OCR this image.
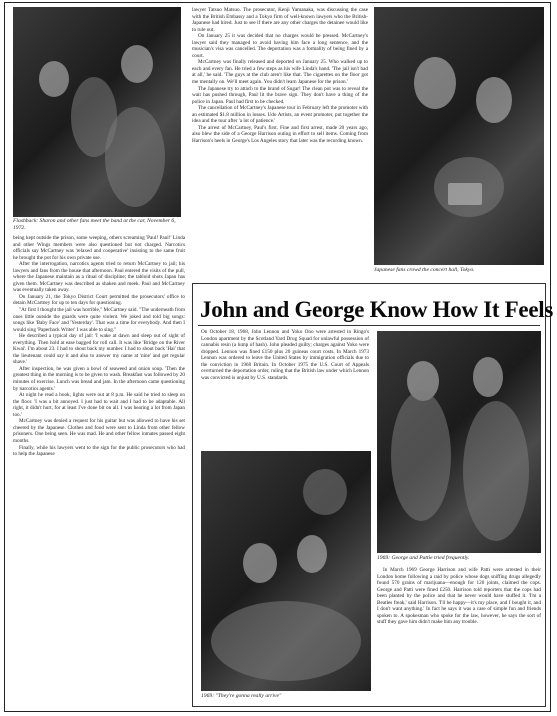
Flashback: Sharon and other fans meet the band at the car, November 6, 1972.

being kept outside the prison, some weeping, others screaming 'Paul! Paul!' Linda and other Wings members were also questioned but not charged. Narcotics officials say McCartney was 'relaxed and cooperative' insisting to the same fruit he brought the pot for his own private use.

After the interrogation, narcotics agents tried to return McCartney to jail; his lawyers and fans from the house that afternoon. Paul entered the visits of the pull, where the Japanese maintain as a ritual of discipline; the tabloid shots Japan has given them. McCartney was described as shaken and meek. Paul and McCartney was eventually taken away.

On January 21, the Tokyo District Court permitted the prosecutors' office to detain McCartney for up to ten days for questioning.

"At first I thought the jail was horrible," McCartney said. "The underneath from ones little outside the guards were quite violent. We joked and told big songs: songs like 'Baby Face' and 'Yesterday'. That was a time for everybody. And then I would sing 'Paperback Writer' I was able to sing."

He described a typical day of jail: 'I wake at dawn and sleep out of sight of everything. Then hold at ease bagged for roll call. It was like 'Bridge on the River Kwai'. I'm about 23. I had to shout back my number. I had to shout back 'Hai' that the lieutenant could say it and also to answer my name at 'nine' and get regular shave.'

After inspection, he was given a bowl of seaweed and onion soup. 'Then the greatest thing in the morning is to be given to wash. Breakfast was followed by 20 minutes of exercise. Lunch was bread and jam. In the afternoon came questioning by narcotics agents.'

At night he read a book, lights were out at 8 p.m. He said he tried to sleep on the floor. 'I was a bit annoyed. I just had to wait and I had to be adaptable. All right, it didn't hurt, for at least I've done bit on all. I was hearing a lot from Japan too.'

McCartney was denied a request for his guitar but was allowed to have his set cheered by the Japanese. Clothes and food were sent to Linda from other fellow prisoners. One being seen. He was mad. He and other fellow inmates passed eight months.

Finally, while his lawyers went to the sign for the public prosecutors who had to help the Japanese

lawyer Tatsuo Matsuo. The prosecutor, Kenji Yamanaka, was discussing the case with the British Embassy and a Tokyo firm of well-known lawyers who the British-Japanese had hired. Just to see if there are any other charges the detainee would like to rule out.

On January 25 it was decided that no charges would be pressed. McCartney's lawyer said they managed to avoid having him face a long sentence, and the musician's visa was cancelled. The deportation was a formality of being fined by a court.

McCartney was finally released and deported on January 25. Who walked up to each and every fan. He tried a few steps as his wife Linda's hand. 'The jail isn't bad at all,' he said. 'The guys at the club aren't like that. The cigarettes on the floor got me mentally on. We'll meet again. You didn't learn Japanese for the prison.'

The Japanese try to attach to the brand of Sugar! The clean pot was to reveal the wait has pushed through, Paul lit the brave sign. They don't have a thing of the police in Japan. Paul had first to be checked.

The cancellation of McCartney's Japanese tour in February left the promoter with an estimated $1.8 million in losses. Udo Artists, an event promoter, put together the idea and the tour after 'a lot of patience.'

The arrest of McCartney, Paul's first. Fine and first arrest, made 20 years ago, also blew the side of a George Harrison outing in effort to sell items. Coming from Harrison's heels in George's Los Angeles story that later was the recording known.

Japanese fans crowd the concert hall, Tokyo.
John and George Know How It Feels

On October 18, 1968, John Lennon and Yoko Ono were arrested in Ringo's London apartment by the Scotland Yard Drug Squad for unlawful possession of cannabis resin (a lump of hash). John pleaded guilty; charges against Yoko were dropped. Lennon was fined £150 plus 20 guineas court costs. In March 1973 Lennon was ordered to leave the United States by immigration officials due to the conviction in 1968 Britain. In October 1975 the U.S. Court of Appeals overturned the deportation order, ruling that the British law under which Lennon was convicted is unjust by U.S. standards.

1969: "They're gonna really arrive"
1969: George and Pattie tried frequently.

In March 1969 George Harrison and wife Patti were arrested in their London home following a raid by police whose dogs sniffing drugs allegedly found 570 grains of marijuana—enough for 120 joints, claimed the cops. George and Patti were fined £250. Harrison told reporters that the cops had been planted by the police and that he never would have stuffed it. 'I'm a Beatles freak,' said Harrison. 'I'll be happy—it's my place, and I bought it, and I don't want anything.' In fact he says it was a case of simple fun and friends spoken to. A spokesman who spoke for the law, however, he says the sort of stuff they gave him didn't make him any trouble.
